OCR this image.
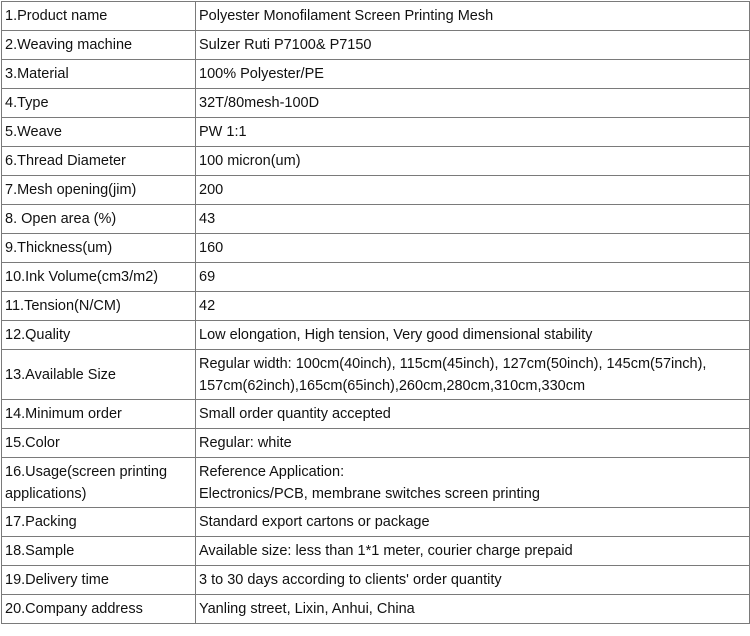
1.Product name	Polyester Monofilament Screen Printing Mesh
2.Weaving machine	Sulzer Ruti P7100& P7150
3.Material	100% Polyester/PE
4.Type	32T/80mesh-100D
5.Weave	PW 1:1
6.Thread Diameter	100 micron(um)
7.Mesh opening(jim)	200
8. Open area (%)	43
9.Thickness(um)	160
10.Ink Volume(cm3/m2)	69
11.Tension(N/CM)	42
12.Quality	Low elongation, High tension, Very good dimensional stability
13.Available Size	Regular width: 100cm(40inch), 115cm(45inch), 127cm(50inch), 145cm(57inch),
157cm(62inch),165cm(65inch),260cm,280cm,310cm,330cm

14.Minimum order	Small order quantity accepted
15.Color	Regular: white

16.Usage(screen printing
applications)	Reference Application:
Electronics/PCB, membrane switches screen printing

17.Packing	Standard export cartons or package
18.Sample	Available size: less than 1*1 meter, courier charge prepaid
19.Delivery time	3 to 30 days according to clients' order quantity
20.Company address	Yanling street, Lixin, Anhui, China
